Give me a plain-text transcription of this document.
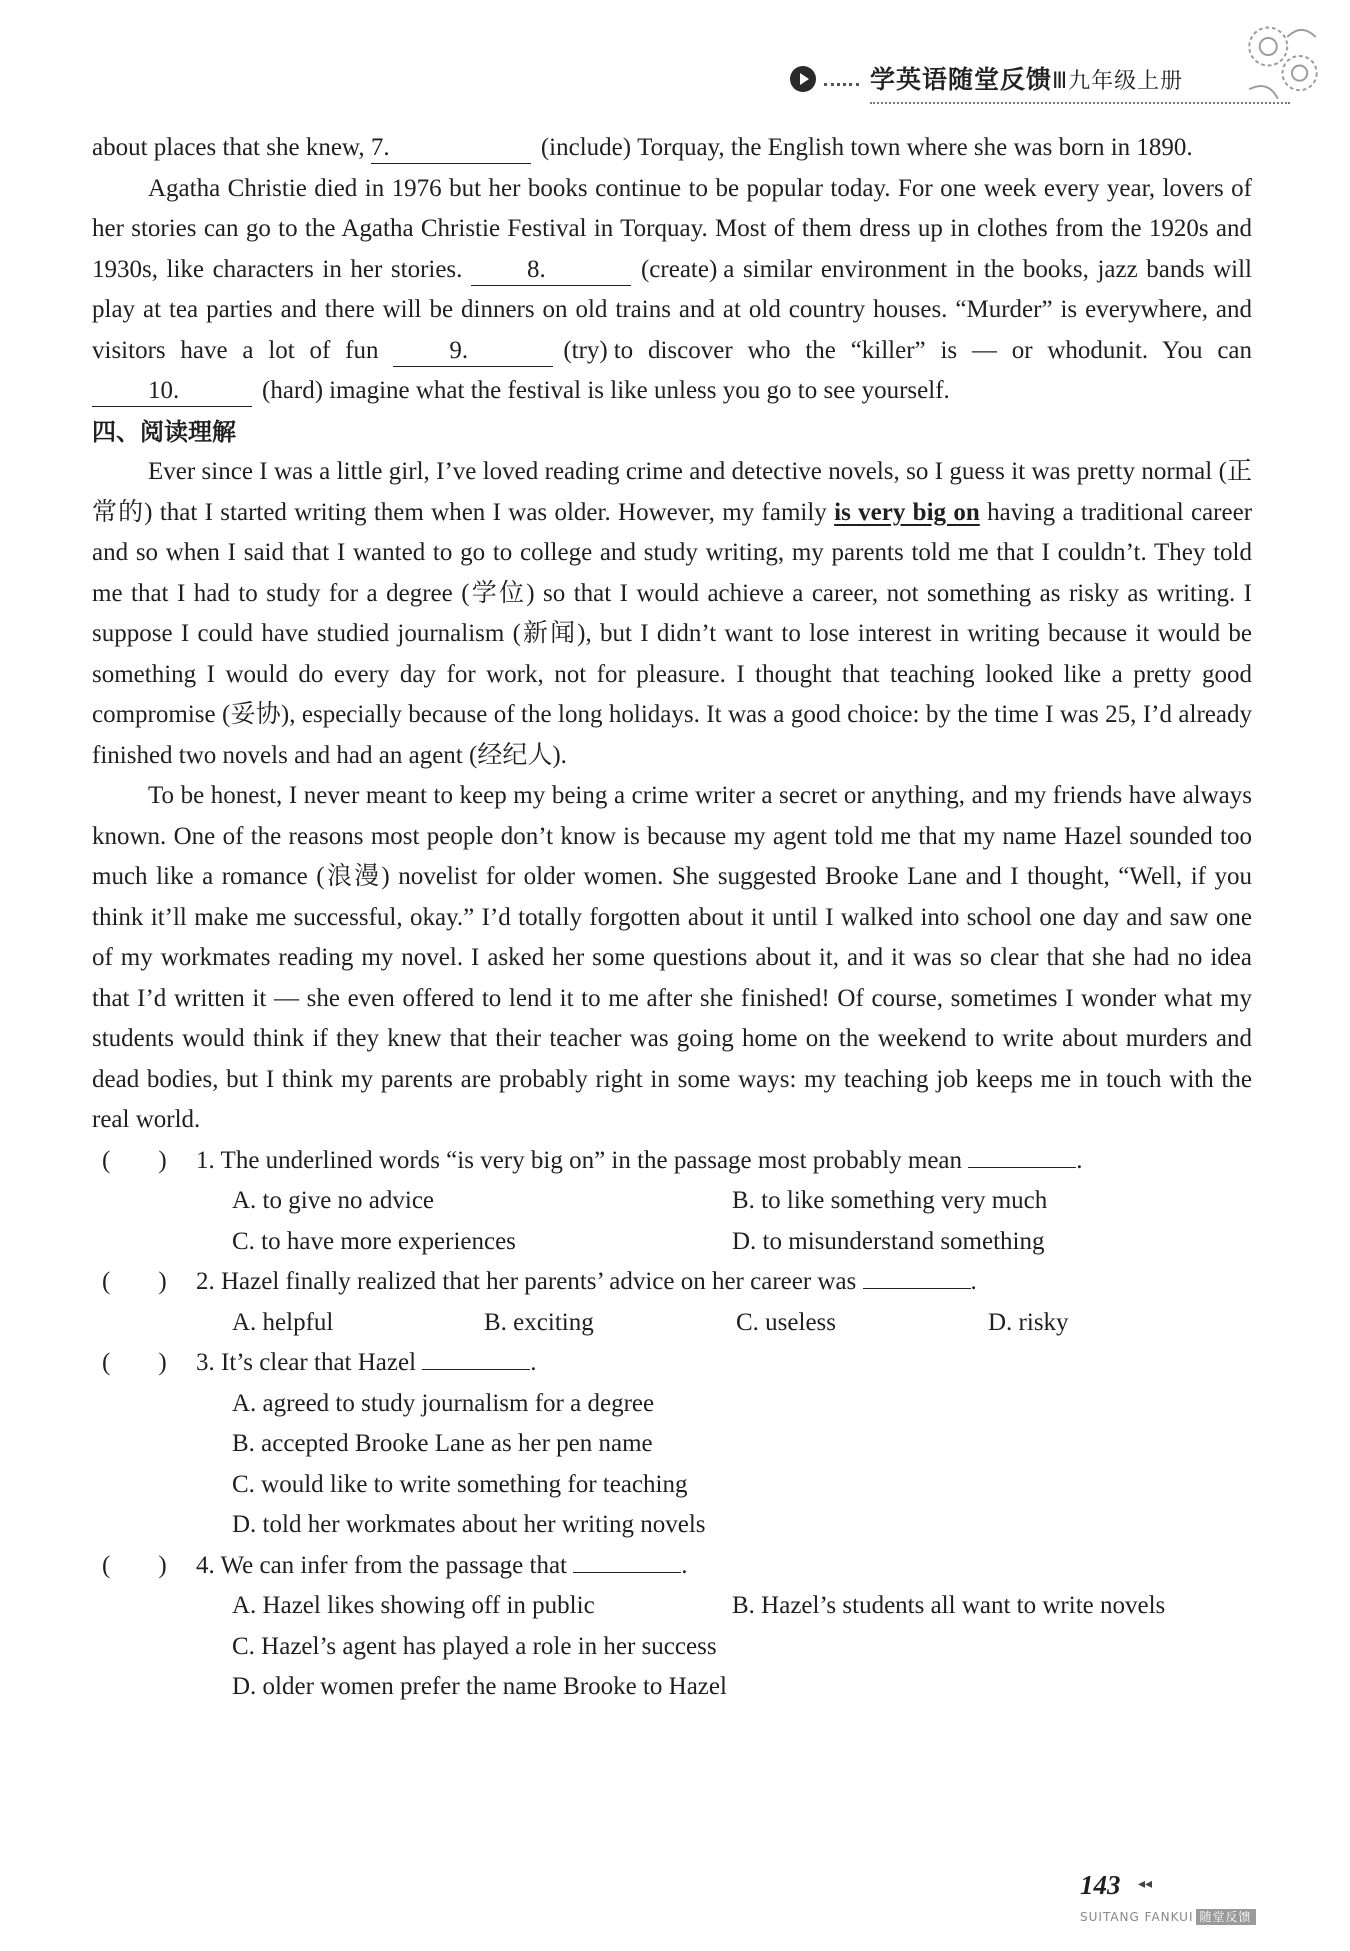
学英语随堂反馈Ⅲ九年级上册

about places that she knew, 7.	(include) Torquay, the English town where she was born in 1890.

Agatha Christie died in 1976 but her books continue to be popular today. For one week every year, lovers of her stories can go to the Agatha Christie Festival in Torquay. Most of them dress up in clothes from the 1920s and 1930s, like characters in her stories.	8.	(create) a similar environment in the books, jazz bands will play at tea parties and there will be dinners on old trains and at old country houses. “Murder” is everywhere, and visitors have a lot of fun	9.	(try) to discover who the “killer” is — or whodunit. You can 10.	(hard) imagine what the festival is like unless you go to see yourself.

四、阅读理解

Ever since I was a little girl, I’ve loved reading crime and detective novels, so I guess it was pretty normal (正常的) that I started writing them when I was older. However, my family is very big on having a traditional career and so when I said that I wanted to go to college and study writing, my parents told me that I couldn’t. They told me that I had to study for a degree (学位) so that I would achieve a career, not something as risky as writing. I suppose I could have studied journalism (新闻), but I didn’t want to lose interest in writing because it would be something I would do every day for work, not for pleasure. I thought that teaching looked like a pretty good compromise (妥协), especially because of the long holidays. It was a good choice: by the time I was 25, I’d already finished two novels and had an agent (经纪人).

To be honest, I never meant to keep my being a crime writer a secret or anything, and my friends have always known. One of the reasons most people don’t know is because my agent told me that my name Hazel sounded too much like a romance (浪漫) novelist for older women. She suggested Brooke Lane and I thought, “Well, if you think it’ll make me successful, okay.” I’d totally forgotten about it until I walked into school one day and saw one of my workmates reading my novel. I asked her some questions about it, and it was so clear that she had no idea that I’d written it — she even offered to lend it to me after she finished! Of course, sometimes I wonder what my students would think if they knew that their teacher was going home on the weekend to write about murders and dead bodies, but I think my parents are probably right in some ways: my teaching job keeps me in touch with the real world.

( ) 1. The underlined words “is very big on” in the passage most probably mean	.
A. to give no advice	B. to like something very much
C. to have more experiences	D. to misunderstand something
( ) 2. Hazel finally realized that her parents’ advice on her career was	.
A. helpful	B. exciting	C. useless	D. risky
( ) 3. It’s clear that Hazel	.
A. agreed to study journalism for a degree
B. accepted Brooke Lane as her pen name
C. would like to write something for teaching
D. told her workmates about her writing novels
( ) 4. We can infer from the passage that	.
A. Hazel likes showing off in public	B. Hazel’s students all want to write novels
C. Hazel’s agent has played a role in her success
D. older women prefer the name Brooke to Hazel
143 ◂◂
SUITANG FANKUI 随堂反馈
